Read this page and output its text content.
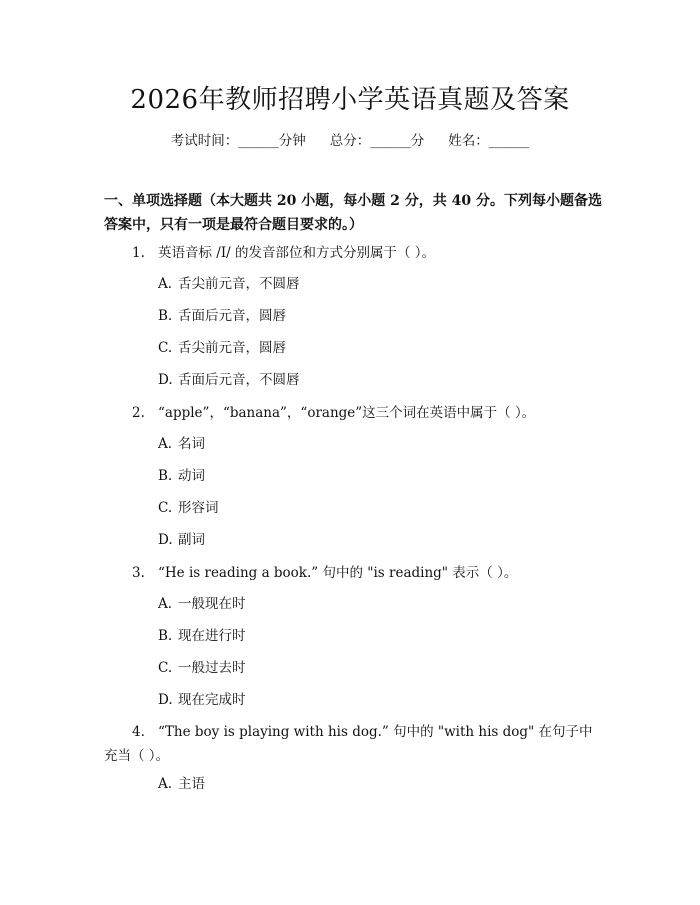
2026年教师招聘小学英语真题及答案
考试时间：______分钟 总分：______分 姓名：______
一、单项选择题（本大题共 20 小题，每小题 2 分，共 40 分。下列每小题备选答案中，只有一项是最符合题目要求的。）
1. 英语音标 /I/ 的发音部位和方式分别属于（ ）。
A. 舌尖前元音，不圆唇
B. 舌面后元音，圆唇
C. 舌尖前元音，圆唇
D. 舌面后元音，不圆唇
2. “apple”，“banana”，“orange”这三个词在英语中属于（ ）。
A. 名词
B. 动词
C. 形容词
D. 副词
3. “He is reading a book.” 句中的 "is reading" 表示（ ）。
A. 一般现在时
B. 现在进行时
C. 一般过去时
D. 现在完成时
4. “The boy is playing with his dog.” 句中的 "with his dog" 在句子中充当（ ）。
A. 主语
